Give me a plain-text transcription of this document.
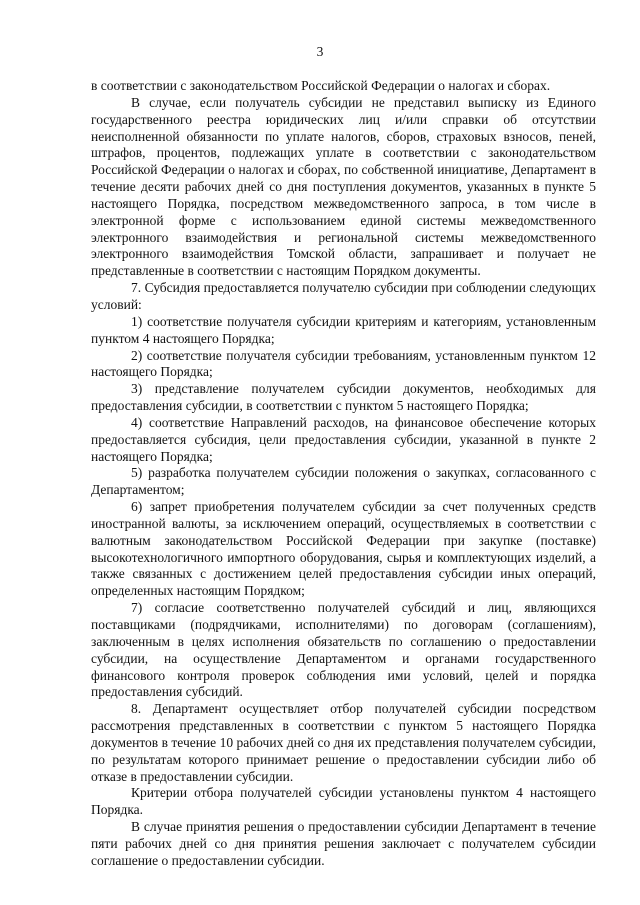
3

в соответствии с законодательством Российской Федерации о налогах и сборах.

В случае, если получатель субсидии не представил выписку из Единого государственного реестра юридических лиц и/или справки об отсутствии неисполненной обязанности по уплате налогов, сборов, страховых взносов, пеней, штрафов, процентов, подлежащих уплате в соответствии с законодательством Российской Федерации о налогах и сборах, по собственной инициативе, Департамент в течение десяти рабочих дней со дня поступления документов, указанных в пункте 5 настоящего Порядка, посредством межведомственного запроса, в том числе в электронной форме с использованием единой системы межведомственного электронного взаимодействия и региональной системы межведомственного электронного взаимодействия Томской области, запрашивает и получает не представленные в соответствии с настоящим Порядком документы.

7. Субсидия предоставляется получателю субсидии при соблюдении следующих условий:

1) соответствие получателя субсидии критериям и категориям, установленным пунктом 4 настоящего Порядка;

2) соответствие получателя субсидии требованиям, установленным пунктом 12 настоящего Порядка;

3) представление получателем субсидии документов, необходимых для предоставления субсидии, в соответствии с пунктом 5 настоящего Порядка;

4) соответствие Направлений расходов, на финансовое обеспечение которых предоставляется субсидия, цели предоставления субсидии, указанной в пункте 2 настоящего Порядка;

5) разработка получателем субсидии положения о закупках, согласованного с Департаментом;

6) запрет приобретения получателем субсидии за счет полученных средств иностранной валюты, за исключением операций, осуществляемых в соответствии с валютным законодательством Российской Федерации при закупке (поставке) высокотехнологичного импортного оборудования, сырья и комплектующих изделий, а также связанных с достижением целей предоставления субсидии иных операций, определенных настоящим Порядком;

7) согласие соответственно получателей субсидий и лиц, являющихся поставщиками (подрядчиками, исполнителями) по договорам (соглашениям), заключенным в целях исполнения обязательств по соглашению о предоставлении субсидии, на осуществление Департаментом и органами государственного финансового контроля проверок соблюдения ими условий, целей и порядка предоставления субсидий.

8. Департамент осуществляет отбор получателей субсидии посредством рассмотрения представленных в соответствии с пунктом 5 настоящего Порядка документов в течение 10 рабочих дней со дня их представления получателем субсидии, по результатам которого принимает решение о предоставлении субсидии либо об отказе в предоставлении субсидии.

Критерии отбора получателей субсидии установлены пунктом 4 настоящего Порядка.

В случае принятия решения о предоставлении субсидии Департамент в течение пяти рабочих дней со дня принятия решения заключает с получателем субсидии соглашение о предоставлении субсидии.
